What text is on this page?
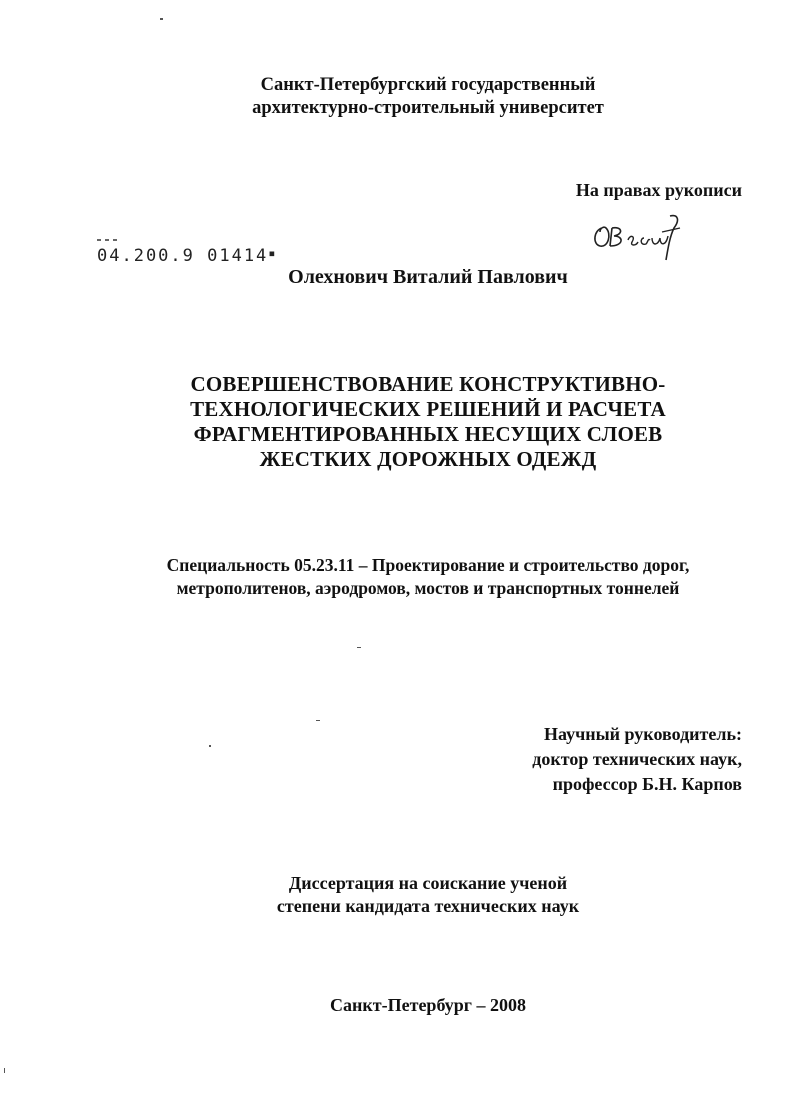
Санкт-Петербургский государственный
архитектурно-строительный университет
На правах рукописи
04.200.9 01414▪
Олехнович Виталий Павлович
СОВЕРШЕНСТВОВАНИЕ КОНСТРУКТИВНО-
ТЕХНОЛОГИЧЕСКИХ РЕШЕНИЙ И РАСЧЕТА
ФРАГМЕНТИРОВАННЫХ НЕСУЩИХ СЛОЕВ
ЖЕСТКИХ ДОРОЖНЫХ ОДЕЖД
Специальность 05.23.11 – Проектирование и строительство дорог,
метрополитенов, аэродромов, мостов и транспортных тоннелей
Научный руководитель:
доктор технических наук,
профессор Б.Н. Карпов
Диссертация на соискание ученой
степени кандидата технических наук
Санкт-Петербург – 2008
